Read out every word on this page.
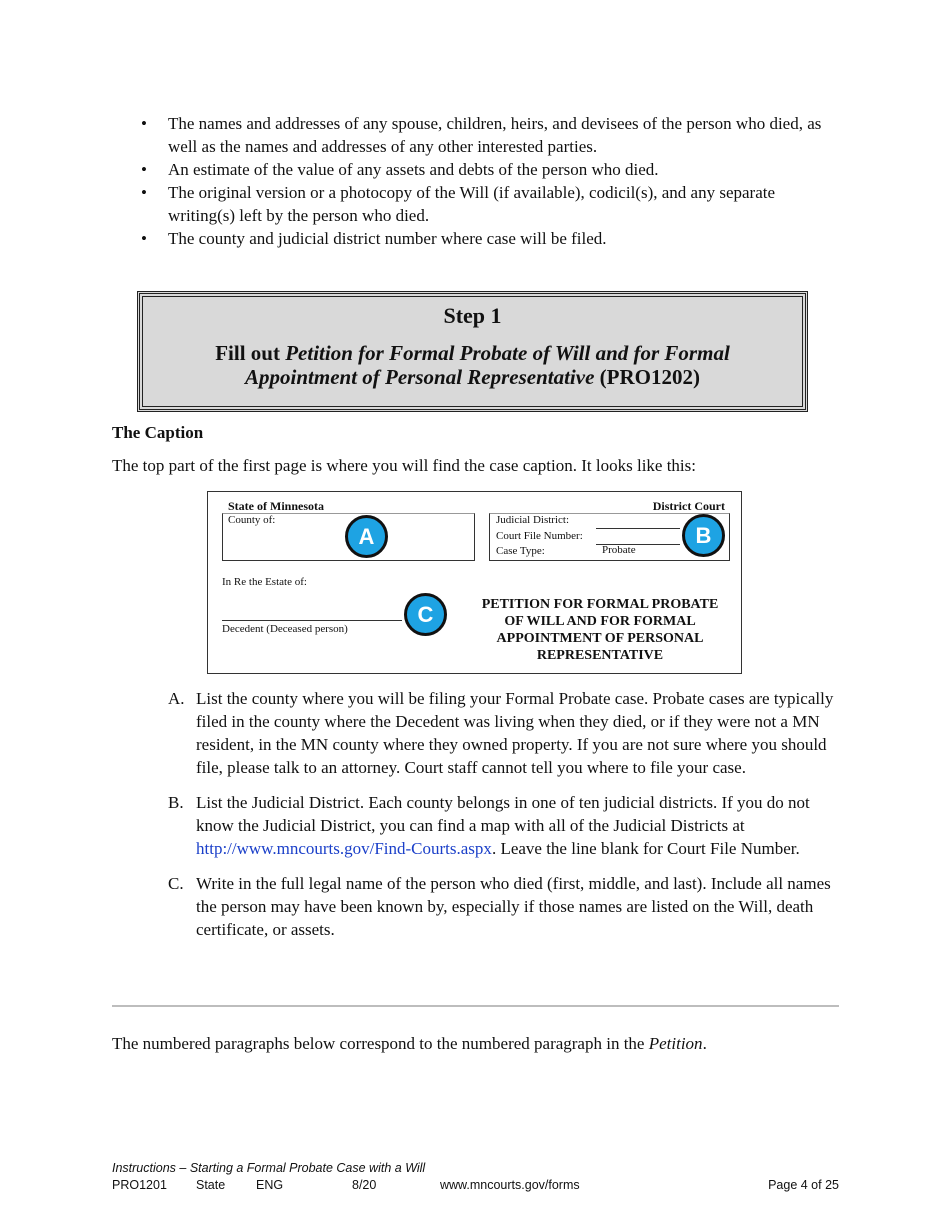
• The names and addresses of any spouse, children, heirs, and devisees of the person who died, as well as the names and addresses of any other interested parties.
• An estimate of the value of any assets and debts of the person who died.
• The original version or a photocopy of the Will (if available), codicil(s), and any separate writing(s) left by the person who died.
• The county and judicial district number where case will be filed.
Step 1
Fill out Petition for Formal Probate of Will and for Formal Appointment of Personal Representative (PRO1202)
The Caption
The top part of the first page is where you will find the case caption. It looks like this:
State of Minnesota	District Court
County of:	Judicial District:
Court File Number:
Case Type:	Probate
In Re the Estate of:
Decedent (Deceased person)
PETITION FOR FORMAL PROBATE OF WILL AND FOR FORMAL APPOINTMENT OF PERSONAL REPRESENTATIVE
A	B
C
A. List the county where you will be filing your Formal Probate case. Probate cases are typically filed in the county where the Decedent was living when they died, or if they were not a MN resident, in the MN county where they owned property. If you are not sure where you should file, please talk to an attorney. Court staff cannot tell you where to file your case.
B. List the Judicial District. Each county belongs in one of ten judicial districts. If you do not know the Judicial District, you can find a map with all of the Judicial Districts at http://www.mncourts.gov/Find-Courts.aspx. Leave the line blank for Court File Number.
C. Write in the full legal name of the person who died (first, middle, and last). Include all names the person may have been known by, especially if those names are listed on the Will, death certificate, or assets.
The numbered paragraphs below correspond to the numbered paragraph in the Petition.
Instructions – Starting a Formal Probate Case with a Will
PRO1201 State ENG	8/20	www.mncourts.gov/forms	Page 4 of 25
